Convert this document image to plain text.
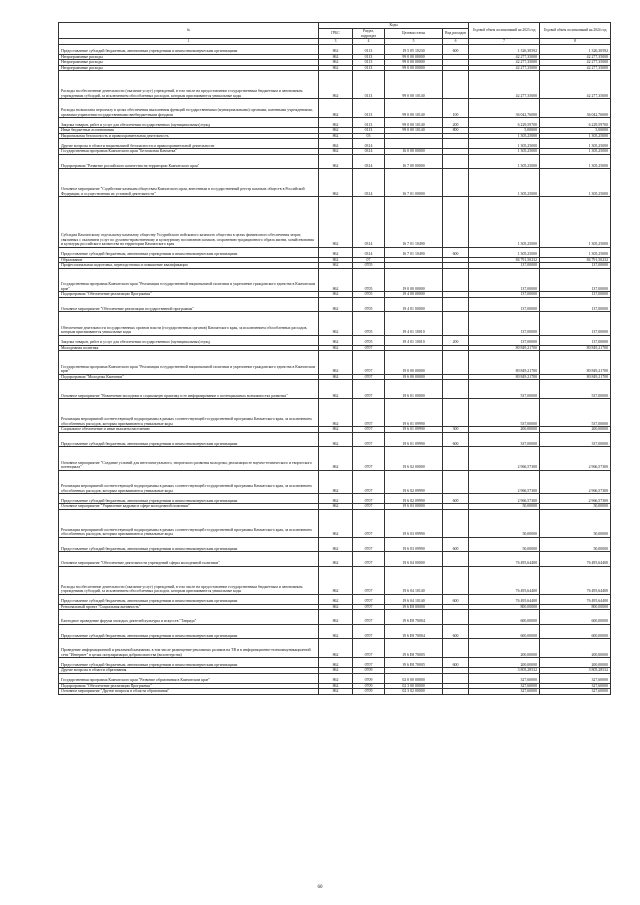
№	Коды				Годовой объем ассигнований на 2023 год	Годовой объем ассигнований на 2024 год
	ГРБС	Раздел, подраздел	Целевая статья	Вид расходов		
1	3	4	5	6	7	8
Предоставление субсидий бюджетным, автономным учреждениям и иным некоммерческим организациям	862	0113	19 5 05 10230	600	1 326,30592	1 326,30592
Непрограммные расходы	862	0113	99 0 00 00000		42 277,35000	42 277,35000
Непрограммные расходы	862	0113	99 0 00 00000		42 277,35000	42 277,35000
Непрограммные расходы	862	0113	99 0 00 00000		42 277,35000	42 277,35000
Расходы на обеспечение деятельности (оказание услуг) учреждений, в том числе на предоставление государственным бюджетным и автономным учреждениям субсидий, за исключением обособленных расходов, которым присваиваются уникальные коды	862	0113	99 0 00 10140		42 277,35000	42 277,35000
Расходы на выплаты персоналу в целях обеспечения выполнения функций государственными (муниципальными) органами, казенными учреждениями, органами управления государственными внебюджетными фондами	862	0113	99 0 00 10140	100	36 042,76000	36 042,76000
Закупка товаров, работ и услуг для обеспечения государственных (муниципальных) нужд	862	0113	99 0 00 10140	200	6 229,59700	6 229,59700
Иные бюджетные ассигнования	862	0113	99 0 00 10140	800	5,00000	5,00000
Национальная безопасность и правоохранительная деятельность	862	03			1 305,25000	1 305,25000
Другие вопросы в области национальной безопасности и правоохранительной деятельности	862	0314			1 305,25000	1 305,25000
Государственная программа Камчатского края "Безопасная Камчатка"	862	0314	16 0 00 00000		1 305,25000	1 305,25000
Подпрограмма "Развитие российского казачества на территории Камчатского края"	862	0314	16 7 00 00000		1 305,25000	1 305,25000
Основное мероприятие "Содействие казачьим обществам Камчатского края, внесенным в государственный реестр казачьих обществ в Российской Федерации, в осуществлении их уставной деятельности"	862	0314	16 7 01 00000		1 305,25000	1 305,25000
Субсидия Камчатскому отдельскому казачьему обществу Уссурийского войскового казачьего общества в целях финансового обеспечения затрат, связанных с оказанием услуг по духовно-нравственному и культурному воспитанию казаков, сохранению традиционного образа жизни, хозяйствования и культуры российского казачества на территории Камчатского края	862	0314	16 7 01 10490		1 305,25000	1 305,25000
Предоставление субсидий бюджетным, автономным учреждениям и иным некоммерческим организациям	862	0314	16 7 01 10490	600	1 305,25000	1 305,25000
Образование	862	07			84 791,50232	84 791,50232
Профессиональная подготовка, переподготовка и повышение квалификации	862	0705			137,00000	137,00000
Государственная программа Камчатского края "Реализация государственной национальной политики и укрепление гражданского единства в Камчатском крае"	862	0705	19 0 00 00000		137,00000	137,00000
Подпрограмма "Обеспечение реализации Программы"	862	0705	19 4 00 00000		137,00000	137,00000
Основное мероприятие "Обеспечение реализации государственной программы"	862	0705	19 4 01 00000		137,00000	137,00000
Обеспечение деятельности государственных органов власти (государственных органов) Камчатского края, за исключением обособленных расходов, которым присваиваются уникальные коды	862	0705	19 4 01 10010		137,00000	137,00000
Закупка товаров, работ и услуг для обеспечения государственных (муниципальных) нужд	862	0705	19 4 01 10010	200	137,00000	137,00000
Молодежная политика	862	0707			80 849,21700	80 849,21700
Государственная программа Камчатского края "Реализация государственной национальной политики и укрепление гражданского единства в Камчатском крае"	862	0707	19 0 00 00000		80 849,21700	80 849,21700
Подпрограмма "Молодежь Камчатки"	862	0707	19 6 00 00000		80 849,21700	80 849,21700
Основное мероприятие "Вовлечение молодежи в социальную практику и ее информирование о потенциальных возможностях развития"	862	0707	19 6 01 00000		537,00000	537,00000
Реализация мероприятий соответствующей подпрограммы в рамках соответствующей государственной программы Камчатского края, за исключением обособленных расходов, которым присваиваются уникальные коды	862	0707	19 6 01 09990		537,00000	537,00000
Социальное обеспечение и иные выплаты населению	862	0707	19 6 01 09990	300	200,00000	200,00000
Предоставление субсидий бюджетным, автономным учреждениям и иным некоммерческим организациям	862	0707	19 6 01 09990	600	337,00000	337,00000
Основное мероприятие "Создание условий для интеллектуального, творческого развития молодежи, реализации ее научно-технического и творческого потенциала"	862	0707	19 6 02 00000		2 966,57300	2 966,57300
Реализация мероприятий соответствующей подпрограммы в рамках соответствующей государственной программы Камчатского края, за исключением обособленных расходов, которым присваиваются уникальные коды	862	0707	19 6 02 09990		2 966,57300	2 966,57300
Предоставление субсидий бюджетным, автономным учреждениям и иным некоммерческим организациям	862	0707	19 6 02 09990	600	2 966,57300	2 966,57300
Основное мероприятие "Управление кадрами в сфере молодежной политики"	862	0707	19 6 03 00000		50,00000	50,00000
Реализация мероприятий соответствующей подпрограммы в рамках соответствующей государственной программы Камчатского края, за исключением обособленных расходов, которым присваиваются уникальные коды	862	0707	19 6 03 09990		50,00000	50,00000
Предоставление субсидий бюджетным, автономным учреждениям и иным некоммерческим организациям	862	0707	19 6 03 09990	600	50,00000	50,00000
Основное мероприятие "Обеспечение деятельности учреждений сферы молодежной политики"	862	0707	19 6 04 00000		76 495,64400	76 495,64400
Расходы на обеспечение деятельности (оказание услуг) учреждений, в том числе на предоставление государственным бюджетным и автономным учреждениям субсидий, за исключением обособленных расходов, которым присваиваются уникальные коды	862	0707	19 6 04 10140		76 495,64400	76 495,64400
Предоставление субсидий бюджетным, автономным учреждениям и иным некоммерческим организациям	862	0707	19 6 04 10140	600	76 495,64400	76 495,64400
Региональный проект "Социальная активность"	862	0707	19 6 E8 00000		800,00000	800,00000
Ежегодное проведение форума молодых деятелей культуры и искусств "Таврида"	862	0707	19 6 E8 70004		600,00000	600,00000
Предоставление субсидий бюджетным, автономным учреждениям и иным некоммерческим организациям	862	0707	19 6 E8 70004	600	600,00000	600,00000
Проведение информационной и рекламной кампании, в том числе размещение рекламных роликов на ТВ и в информационно-телекоммуникационной сети "Интернет" в целях популяризации добровольчества (волонтерства)	862	0707	19 6 E8 70005		200,00000	200,00000
Предоставление субсидий бюджетным, автономным учреждениям и иным некоммерческим организациям	862	0707	19 6 E8 70005	600	200,00000	200,00000
Другие вопросы в области образования	862	0709			3 805,28532	3 805,28532
Государственная программа Камчатского края "Развитие образования в Камчатском крае"	862	0709	02 0 00 00000		327,60000	327,60000
Подпрограмма "Обеспечение реализации Программы"	862	0709	02 3 00 00000		327,60000	327,60000
Основное мероприятие "Другие вопросы в области образования"	862	0709	02 3 02 00000		327,60000	327,60000
60
